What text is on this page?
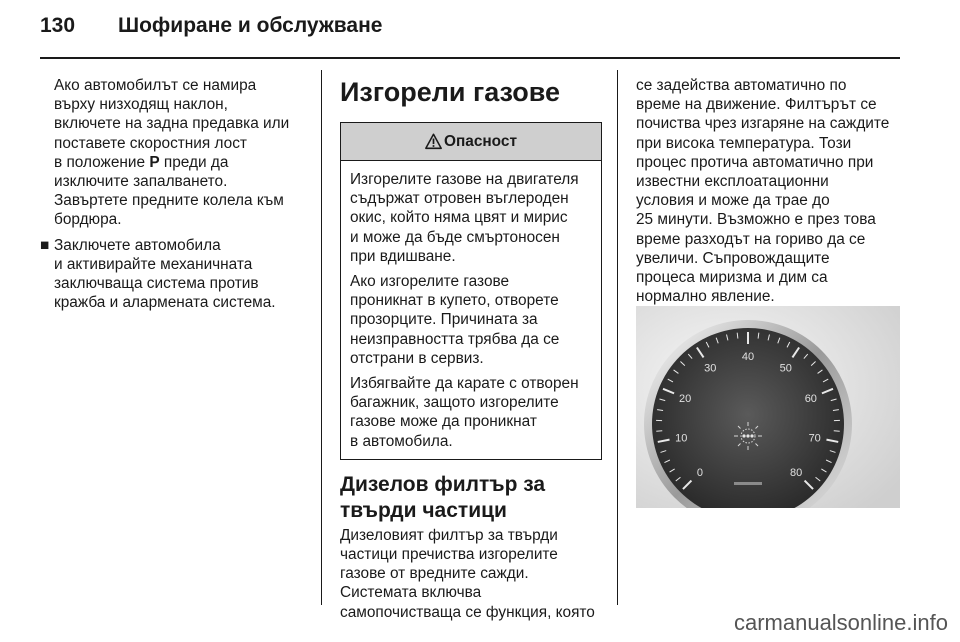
130	Шофиране и обслужване
Ако автомобилът се намира
върху низходящ наклон,
включете на задна предавка или
поставете скоростния лост
в положение Р преди да
изключите запалването.
Завъртете предните колела към
бордюра.
■ Заключете автомобила
и активирайте механичната
заключваща система против
кражба и алармената система.
Изгорели газове
Опасност
Изгорелите газове на двигателя
съдържат отровен въглероден
окис, който няма цвят и мирис
и може да бъде смъртоносен
при вдишване.
Ако изгорелите газове
проникнат в купето, отворете
прозорците. Причината за
неизправността трябва да се
отстрани в сервиз.
Избягвайте да карате с отворен
багажник, защото изгорелите
газове може да проникнат
в автомобила.
Дизелов филтър за
твърди частици
Дизеловият филтър за твърди
частици пречиства изгорелите
газове от вредните сажди.
Системата включва
самопочистваща се функция, която
се задейства автоматично по
време на движение. Филтърът се
почиства чрез изгаряне на саждите
при висока температура. Този
процес протича автоматично при
известни експлоатационни
условия и може да трае до
25 минути. Възможно е през това
време разходът на гориво да се
увеличи. Съпровождащите
процеса миризма и дим са
нормално явление.
0
10
20
30
40
50
60
70
80
carmanualsonline.info
